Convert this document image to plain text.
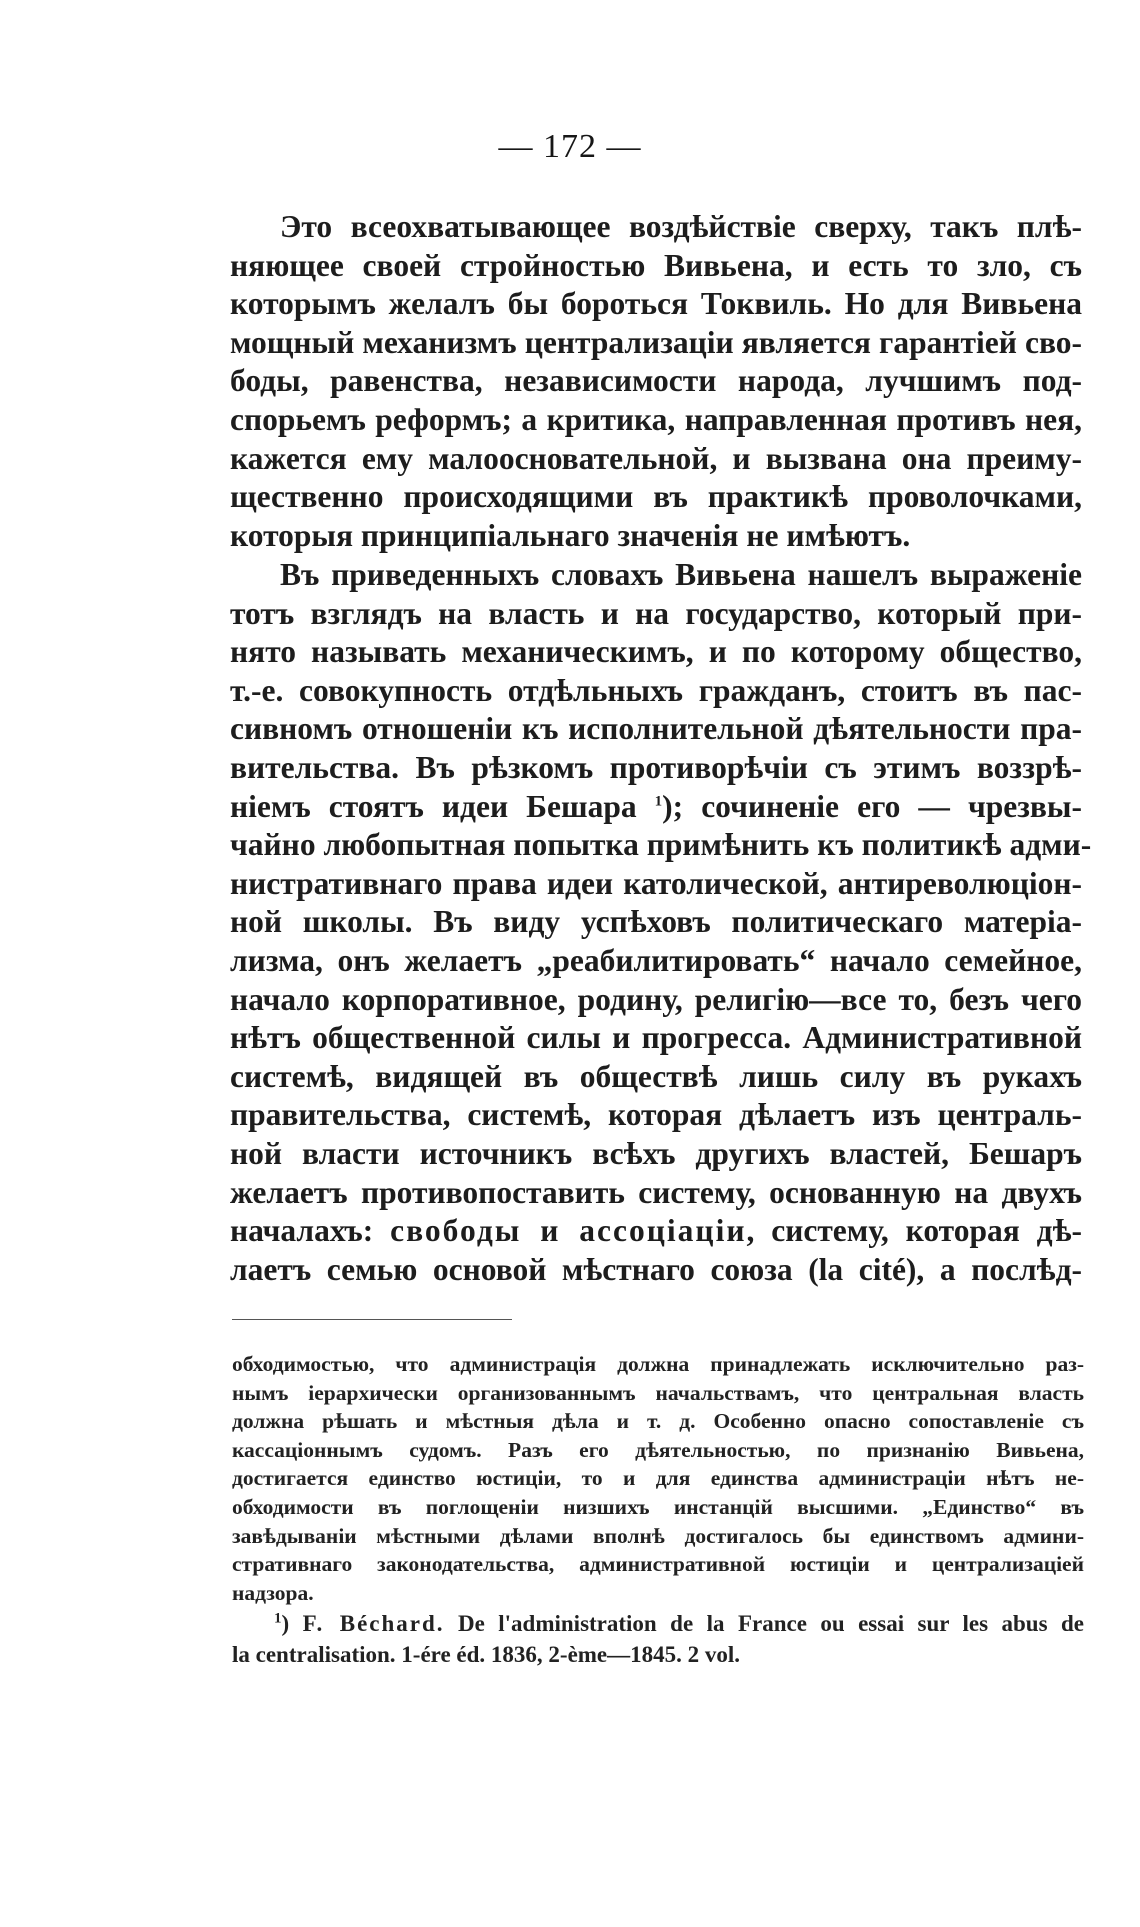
— 172 —
Это всеохватывающее воздѣйствіе сверху, такъ плѣ-
няющее своей стройностью Вивьена, и есть то зло, съ
которымъ желалъ бы бороться Токвиль. Но для Вивьена
мощный механизмъ централизаціи является гарантіей сво-
боды, равенства, независимости народа, лучшимъ под-
спорьемъ реформъ; а критика, направленная противъ нея,
кажется ему малоосновательной, и вызвана она преиму-
щественно происходящими въ практикѣ проволочками,
которыя принципіальнаго значенія не имѣютъ.
Въ приведенныхъ словахъ Вивьена нашелъ выраженіе
тотъ взглядъ на власть и на государство, который при-
нято называть механическимъ, и по которому общество,
т.-е. совокупность отдѣльныхъ гражданъ, стоитъ въ пас-
сивномъ отношеніи къ исполнительной дѣятельности пра-
вительства. Въ рѣзкомъ противорѣчіи съ этимъ воззрѣ-
ніемъ стоятъ идеи Бешара $^1$); сочиненіе его — чрезвы-
чайно любопытная попытка примѣнить къ политикѣ адми-
нистративнаго права идеи католической, антиреволюціон-
ной школы. Въ виду успѣховъ политическаго матеріа-
лизма, онъ желаетъ „реабилитировать“ начало семейное,
начало корпоративное, родину, религію—все то, безъ чего
нѣтъ общественной силы и прогресса. Административной
системѣ, видящей въ обществѣ лишь силу въ рукахъ
правительства, системѣ, которая дѣлаетъ изъ централь-
ной власти источникъ всѣхъ другихъ властей, Бешаръ
желаетъ противопоставить систему, основанную на двухъ
началахъ: свободы и ассоціаціи, систему, которая дѣ-
лаетъ семью основой мѣстнаго союза (la cité), а послѣд-
обходимостью, что администрація должна принадлежать исключительно раз-
нымъ іерархически организованнымъ начальствамъ, что центральная власть
должна рѣшать и мѣстныя дѣла и т. д. Особенно опасно сопоставленіе съ
кассаціоннымъ судомъ. Разъ его дѣятельностью, по признанію Вивьена,
достигается единство юстиціи, то и для единства администраціи нѣтъ не-
обходимости въ поглощеніи низшихъ инстанцій высшими. „Единство“ въ
завѣдываніи мѣстными дѣлами вполнѣ достигалось бы единствомъ админи-
стративнаго законодательства, административной юстиціи и централизаціей
надзора.
$^1$) F. Béchard. De l'administration de la France ou essai sur les abus de
la centralisation. 1-ére éd. 1836, 2-ème—1845. 2 vol.
